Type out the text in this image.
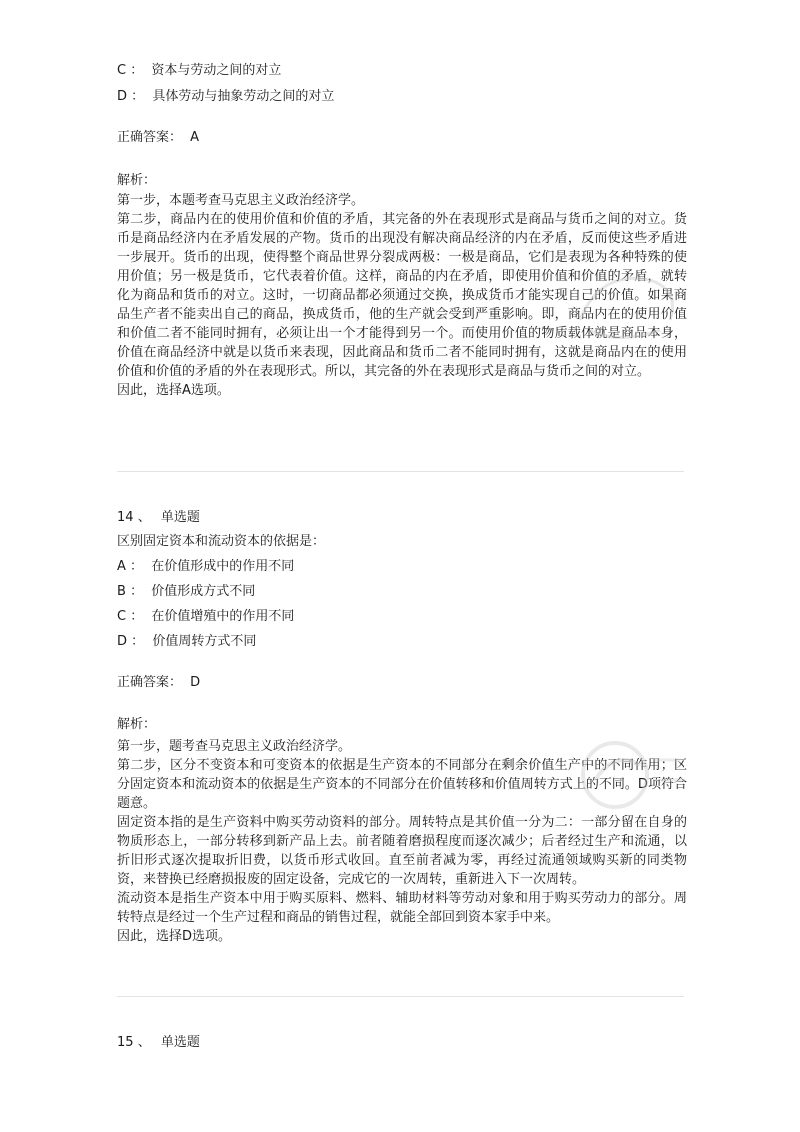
C ： 资本与劳动之间的对立
D ： 具体劳动与抽象劳动之间的对立
正确答案： A
解析：

第一步，本题考查马克思主义政治经济学。

第二步，商品内在的使用价值和价值的矛盾，其完备的外在表现形式是商品与货币之间的对立。货币是商品经济内在矛盾发展的产物。货币的出现没有解决商品经济的内在矛盾，反而使这些矛盾进一步展开。货币的出现，使得整个商品世界分裂成两极：一极是商品，它们是表现为各种特殊的使用价值；另一极是货币，它代表着价值。这样，商品的内在矛盾，即使用价值和价值的矛盾，就转化为商品和货币的对立。这时，一切商品都必须通过交换，换成货币才能实现自己的价值。如果商品生产者不能卖出自己的商品，换成货币，他的生产就会受到严重影响。即，商品内在的使用价值和价值二者不能同时拥有，必须让出一个才能得到另一个。而使用价值的物质载体就是商品本身，价值在商品经济中就是以货币来表现，因此商品和货币二者不能同时拥有，这就是商品内在的使用价值和价值的矛盾的外在表现形式。所以，其完备的外在表现形式是商品与货币之间的对立。

因此，选择A选项。

14 、 单选题
区别固定资本和流动资本的依据是：
A ： 在价值形成中的作用不同
B ： 价值形成方式不同
C ： 在价值增殖中的作用不同
D ： 价值周转方式不同
正确答案： D
解析：

第一步，题考查马克思主义政治经济学。

第二步，区分不变资本和可变资本的依据是生产资本的不同部分在剩余价值生产中的不同作用；区分固定资本和流动资本的依据是生产资本的不同部分在价值转移和价值周转方式上的不同。D项符合题意。

固定资本指的是生产资料中购买劳动资料的部分。周转特点是其价值一分为二：一部分留在自身的物质形态上，一部分转移到新产品上去。前者随着磨损程度而逐次减少；后者经过生产和流通，以折旧形式逐次提取折旧费，以货币形式收回。直至前者减为零，再经过流通领域购买新的同类物资，来替换已经磨损报废的固定设备，完成它的一次周转，重新进入下一次周转。

流动资本是指生产资本中用于购买原料、燃料、辅助材料等劳动对象和用于购买劳动力的部分。周转特点是经过一个生产过程和商品的销售过程，就能全部回到资本家手中来。

因此，选择D选项。

15 、 单选题
